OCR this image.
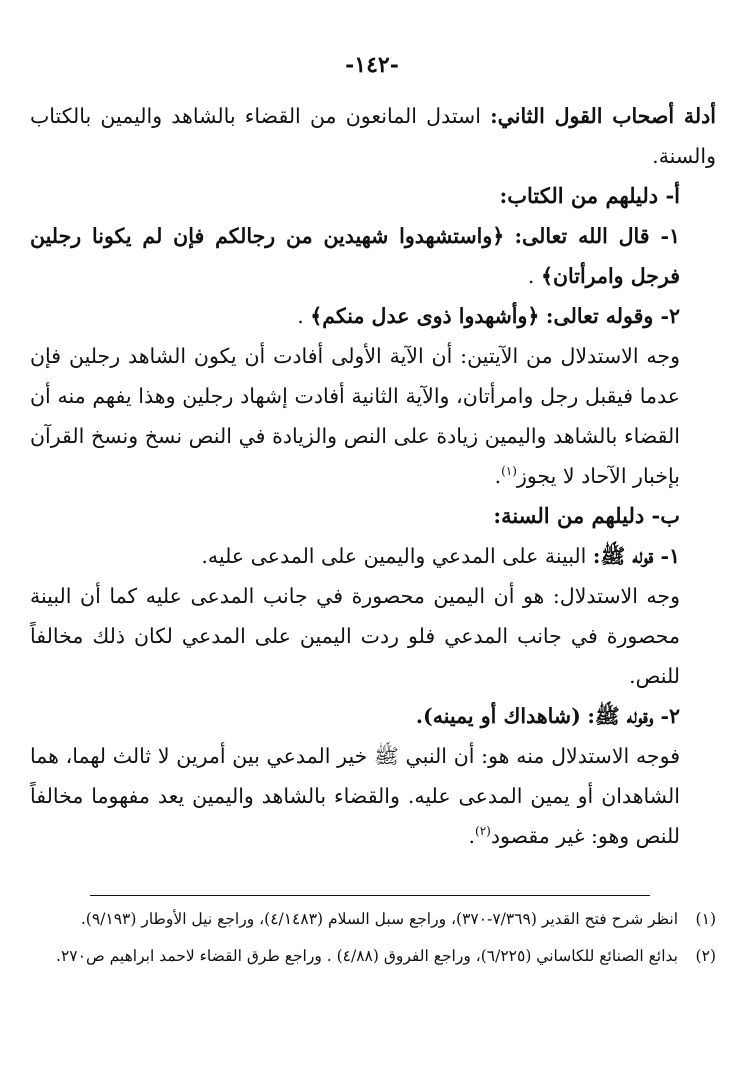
-١٤٢-

أدلة أصحاب القول الثاني: استدل المانعون من القضاء بالشاهد واليمين بالكتاب والسنة.

أ- دليلهم من الكتاب:

١- قال الله تعالى: ﴿واستشهدوا شهيدين من رجالكم فإن لم يكونا رجلين فرجل وامرأتان﴾ .

٢- وقوله تعالى: ﴿وأشهدوا ذوى عدل منكم﴾ .

وجه الاستدلال من الآيتين: أن الآية الأولى أفادت أن يكون الشاهد رجلين فإن عدما فيقبل رجل وامرأتان، والآية الثانية أفادت إشهاد رجلين وهذا يفهم منه أن القضاء بالشاهد واليمين زيادة على النص والزيادة في النص نسخ ونسخ القرآن بإخبار الآحاد لا يجوز$^{(١)}$.

ب- دليلهم من السنة:

١- قوله ﷺ: البينة على المدعي واليمين على المدعى عليه.

وجه الاستدلال: هو أن اليمين محصورة في جانب المدعى عليه كما أن البينة محصورة في جانب المدعي فلو ردت اليمين على المدعي لكان ذلك مخالفاً للنص.

٢- وقوله ﷺ: (شاهداك أو يمينه).

فوجه الاستدلال منه هو: أن النبي ﷺ خير المدعي بين أمرين لا ثالث لهما، هما الشاهدان أو يمين المدعى عليه. والقضاء بالشاهد واليمين يعد مفهوما مخالفاً للنص وهو: غير مقصود$^{(٢)}$.

(١)
انظر شرح فتح القدير (٧/٣٦٩-٣٧٠)، وراجع سبل السلام (٤/١٤٨٣)، وراجع نيل الأوطار (٩/١٩٣).
(٢)
بدائع الصنائع للكاساني (٦/٢٢٥)، وراجع الفروق (٤/٨٨) . وراجع طرق القضاء لاحمد ابراهيم ص٢٧٠.
